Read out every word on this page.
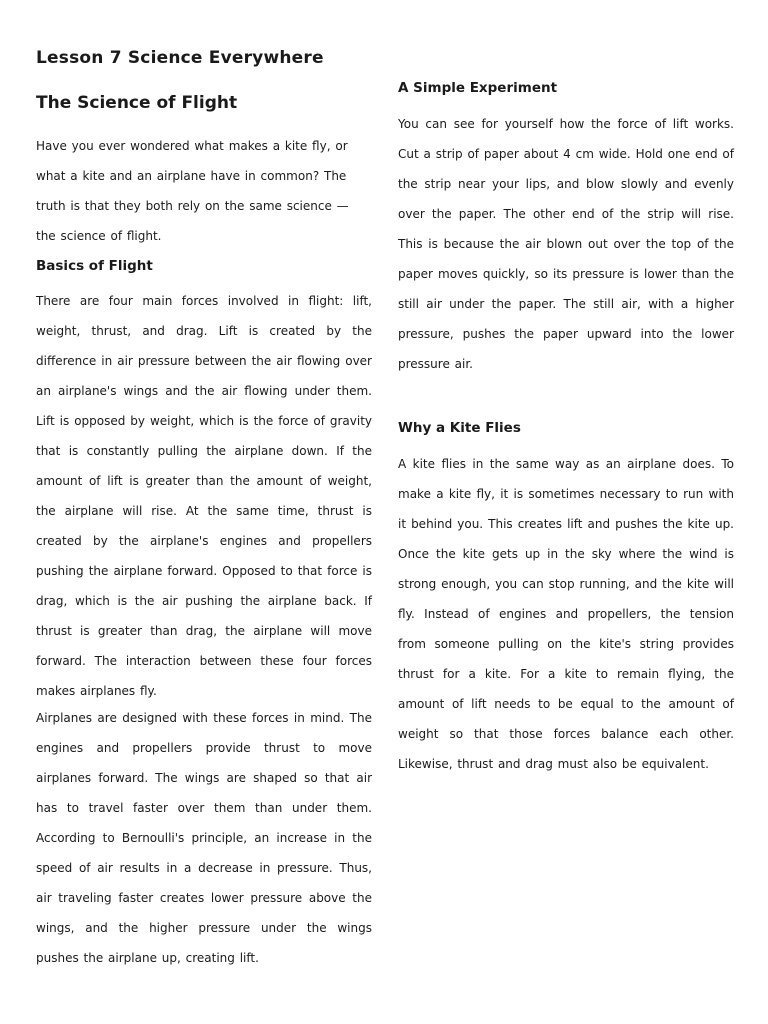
Lesson 7 Science Everywhere
The Science of Flight

Have you ever wondered what makes a kite fly, or what a kite and an airplane have in common? The truth is that they both rely on the same science — the science of flight.

Basics of Flight

There are four main forces involved in flight: lift, weight, thrust, and drag. Lift is created by the difference in air pressure between the air flowing over an airplane's wings and the air flowing under them. Lift is opposed by weight, which is the force of gravity that is constantly pulling the airplane down. If the amount of lift is greater than the amount of weight, the airplane will rise. At the same time, thrust is created by the airplane's engines and propellers pushing the airplane forward. Opposed to that force is drag, which is the air pushing the airplane back. If thrust is greater than drag, the airplane will move forward. The interaction between these four forces makes airplanes fly.

Airplanes are designed with these forces in mind. The engines and propellers provide thrust to move airplanes forward. The wings are shaped so that air has to travel faster over them than under them. According to Bernoulli's principle, an increase in the speed of air results in a decrease in pressure. Thus, air traveling faster creates lower pressure above the wings, and the higher pressure under the wings pushes the airplane up, creating lift.

A Simple Experiment

You can see for yourself how the force of lift works. Cut a strip of paper about 4 cm wide. Hold one end of the strip near your lips, and blow slowly and evenly over the paper. The other end of the strip will rise. This is because the air blown out over the top of the paper moves quickly, so its pressure is lower than the still air under the paper. The still air, with a higher pressure, pushes the paper upward into the lower pressure air.

Why a Kite Flies

A kite flies in the same way as an airplane does. To make a kite fly, it is sometimes necessary to run with it behind you. This creates lift and pushes the kite up. Once the kite gets up in the sky where the wind is strong enough, you can stop running, and the kite will fly. Instead of engines and propellers, the tension from someone pulling on the kite's string provides thrust for a kite. For a kite to remain flying, the amount of lift needs to be equal to the amount of weight so that those forces balance each other. Likewise, thrust and drag must also be equivalent.
